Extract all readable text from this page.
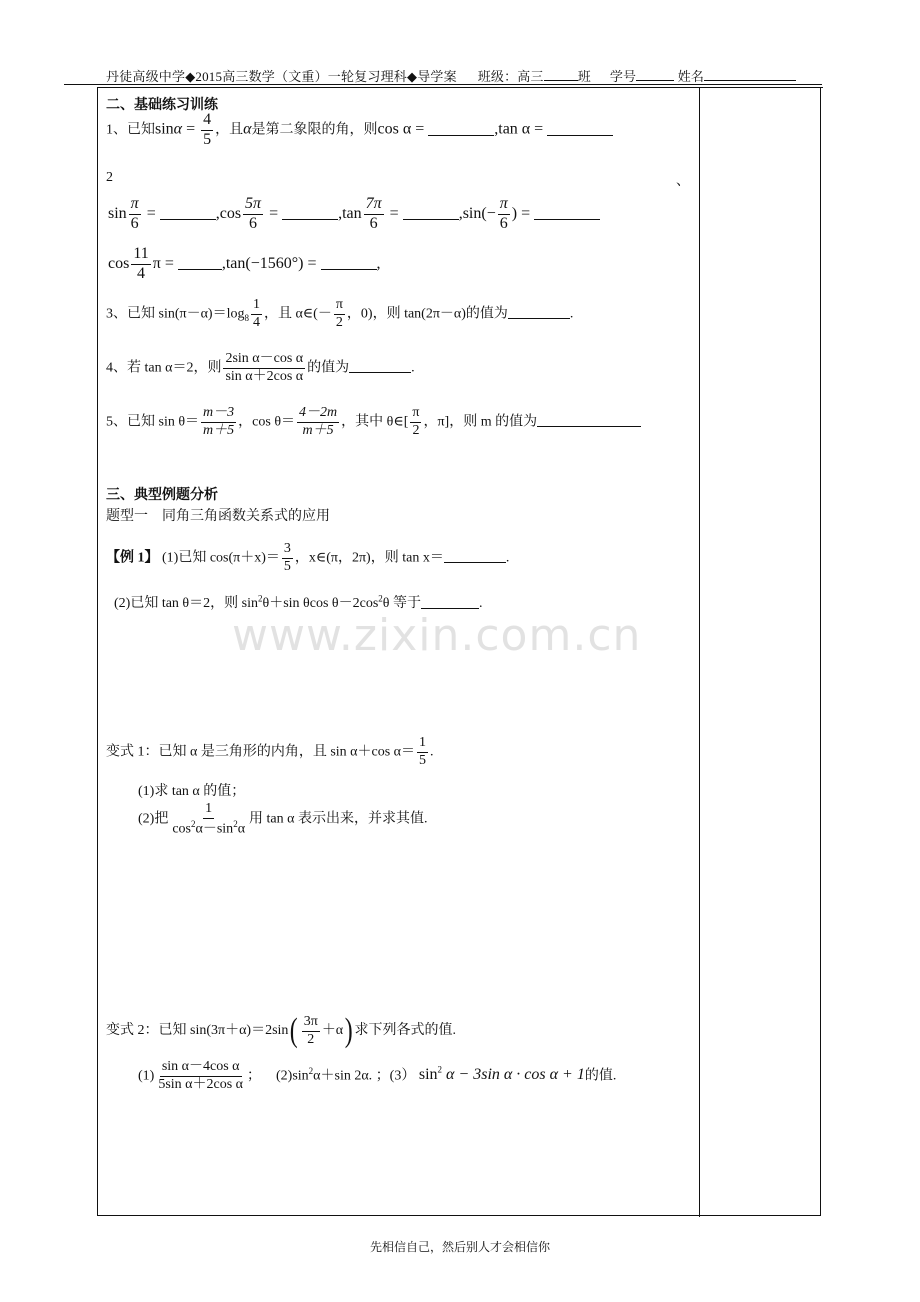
丹徒高级中学◆2015高三数学（文重）一轮复习理科◆导学案 班级：高三	班 学号	姓名
www.zixin.com.cn
二、基础练习训练
1、已知$\sin\alpha = \frac{4}{5}$ ，且α是第二象限的角，则cos α =	,tan α =
2	、
$\sin \frac{\pi}{6}$ =	$,\cos \frac{5\pi}{6}$ =	$,\tan \frac{7\pi}{6}$ =	$,\sin(- \frac{\pi}{6}$ ) =
$\cos \frac{11}{4}$ π =	,tan(−1560°) =	,
3、已知 $\sin(\pi-\alpha)=\log_8 \frac{1}{4}$ ，且 α∈(－ $\frac{\pi}{2}$ ，0)，则 tan(2π－α)的值为	.
4、若 tan α＝2，则 $\frac{\text{2sin α－cos α}}{\text{sin α＋2cos α}}$ 的值为	.
5、已知 $\sin \theta= \frac{m-3}{m+5}$ ，$\cos \theta= \frac{4-2m}{m+5}$ ，其中 θ∈[ $\frac{\pi}{2}$ ，π]，则 m 的值为
三、典型例题分析
题型一　同角三角函数关系式的应用
【例 1】 (1)已知 $\cos(\pi+x)= \frac{3}{5}$ ，x∈(π，2π)，则 tan x＝	.
(2)已知 tan θ＝2，则 $\sin^2\theta+\sin$ θcos $\theta-2\cos^2\theta$ 等于	.
变式 1：已知 α 是三角形的内角，且 sin α＋cos $\alpha= \frac{1}{5}$ .
(1)求 tan α 的值；
(2)把 $\frac{1}{\cos^2\alpha-\sin^2\alpha}$ 用 tan α 表示出来，并求其值.
变式 2：已知 $\sin(3\pi+\alpha)=2\sin( \frac{3\pi}{2} +\alpha)$ 求下列各式的值.
$(1) \frac{\text{sin α－4cos α}}{\text{5sin α＋2cos α}}$ ； $(2)\sin^2\alpha+\sin$ 2α. ；(3） $\sin^2 \alpha - 3\sin$ α · cos α + 1的值.
先相信自己，然后别人才会相信你
